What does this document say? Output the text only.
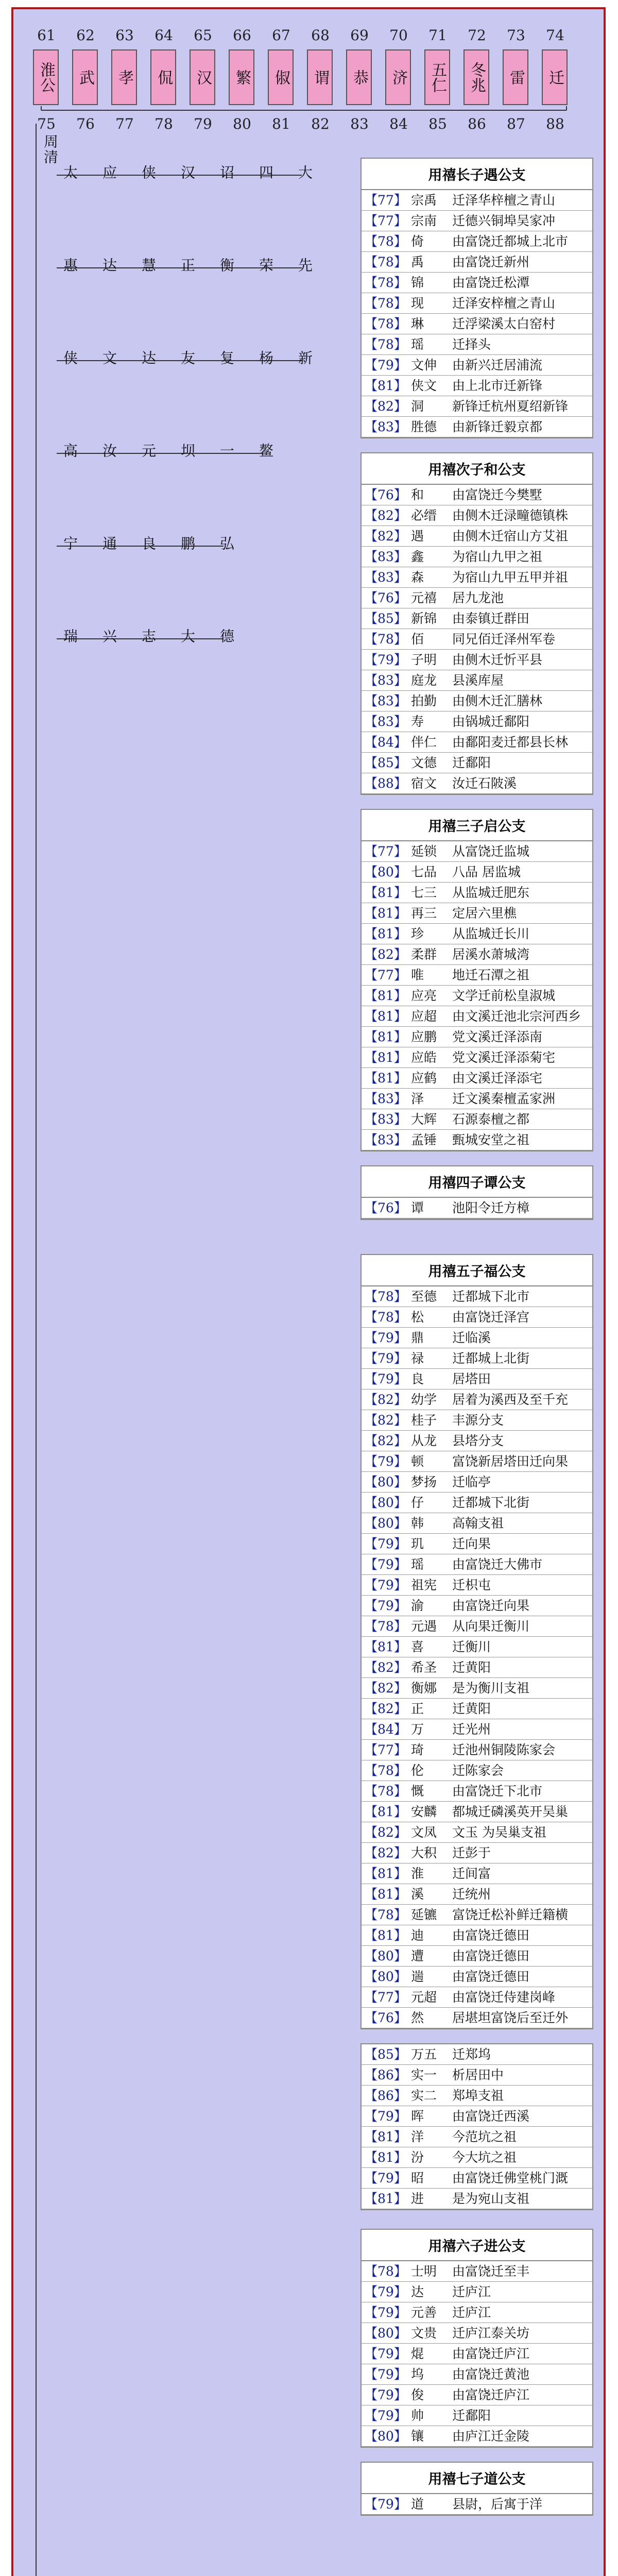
61	62	63	64	65	66	67	68	69	70	71	72	73	74
淮公 武 孝 侃 汉 繁 俶 谓 恭 济 五仁 冬兆 雷 迁
75	76	77	78	79	80	81	82	83	84	85	86	87	88
周清
太 应 侠 汉 诏 四 大
惠 达 慧 正 衡 荣 先
侠 文 达 友 复 杨 新
高 汝 元 坝 一 鳌
宁 通 良 鹏 弘
瑞 兴 志 大 德
用禧长子遇公支
【77】 宗禹	迁泽华梓檀之青山
【77】 宗南	迁德兴铜埠吴家冲
【78】 倚	由富饶迁都城上北市
【78】 禹	由富饶迁新州
【78】 锦	由富饶迁松潭
【78】 现	迁泽安梓檀之青山
【78】 琳	迁浮梁溪太白窑村
【78】 瑶	迁择头
【79】 文伸	由新兴迁居浦流
【81】 侠文	由上北市迁新锋
【82】 洞	新锋迁杭州夏绍新锋
【83】 胜德	由新锋迁毅京都
用禧次子和公支
【76】 和	由富饶迁今樊墅
【82】 必缙	由侧木迁渌疃德镇株
【82】 遇	由侧木迁宿山方艾祖
【83】 鑫	为宿山九甲之祖
【83】 森	为宿山九甲五甲并祖
【76】 元禧	居九龙池
【85】 新锦	由泰镇迁群田
【78】 佰	同兄佰迁泽州军卷
【79】 子明	由侧木迁忻平县
【83】 庭龙	县溪库屋
【83】 拍勤	由侧木迁汇膳林
【83】 寿	由锅城迁鄱阳
【84】 伴仁	由鄱阳麦迁都县长林
【85】 文德	迁鄱阳
【88】 宿文	汝迁石陂溪
用禧三子启公支
【77】 延锁	从富饶迁监城
【80】 七品	八品 居监城
【81】 七三	从监城迁肥东
【81】 再三	定居六里樵
【81】 珍	从监城迁长川
【82】 柔群	居溪水萧城湾
【77】 唯	地迁石潭之祖
【81】 应亮	文学迁前松皇淑城
【81】 应超	由文溪迁池北宗河西乡
【81】 应鹏	党文溪迁泽添南
【81】 应皓	党文溪迁泽添菊宅
【81】 应鹤	由文溪迁泽添宅
【83】 泽	迁文溪秦檀孟家洲
【83】 大辉	石源泰檀之都
【83】 孟锤	甄城安堂之祖
用禧四子谭公支
【76】 谭	池阳令迁方樟
用禧五子福公支
【78】 至德	迁都城下北市
【78】 松	由富饶迁泽宫
【79】 鼎	迁临溪
【79】 禄	迁都城上北街
【79】 良	居塔田
【82】 幼学	居着为溪西及至千充
【82】 桂子	丰源分支
【82】 从龙	县塔分支
【79】 顿	富饶新居塔田迁向果
【80】 梦扬	迁临亭
【80】 仔	迁都城下北街
【80】 韩	高翰支祖
【79】 玑	迁向果
【79】 瑶	由富饶迁大佛市
【79】 祖宪	迁枳屯
【79】 渝	由富饶迁向果
【78】 元遇	从向果迁衡川
【81】 喜	迁衡川
【82】 希圣	迁黄阳
【82】 衡娜	是为衡川支祖
【82】 正	迁黄阳
【84】 万	迁光州
【77】 琦	迁池州铜陵陈家会
【78】 伦	迁陈家会
【78】 慨	由富饶迁下北市
【81】 安麟	都城迁磷溪英开吴巢
【82】 文凤	文玉 为吴巢支祖
【82】 大积	迁彭于
【81】 淮	迁间富
【81】 溪	迁统州
【78】 延镳	富饶迁松补鲜迁籍横
【81】 迪	由富饶迁德田
【80】 遭	由富饶迁德田
【80】 遄	由富饶迁德田
【77】 元超	由富饶迁侍建岗峰
【76】 然	居堪坦富饶后至迁外
【85】 万五	迁郑坞
【86】 实一	析居田中
【86】 实二	郑埠支祖
【79】 晖	由富饶迁西溪
【81】 洋	今范坑之祖
【81】 汾	今大坑之祖
【79】 昭	由富饶迁佛堂桃门溉
【81】 进	是为宛山支祖
用禧六子进公支
【78】 士明	由富饶迁至丰
【79】 达	迁庐江
【79】 元善	迁庐江
【80】 文贵	迁庐江泰关坊
【79】 焜	由富饶迁庐江
【79】 坞	由富饶迁黄池
【79】 俊	由富饶迁庐江
【79】 帅	迁鄱阳
【80】 镶	由庐江迁金陵
用禧七子道公支
【79】 道	县尉，后寓于洋
